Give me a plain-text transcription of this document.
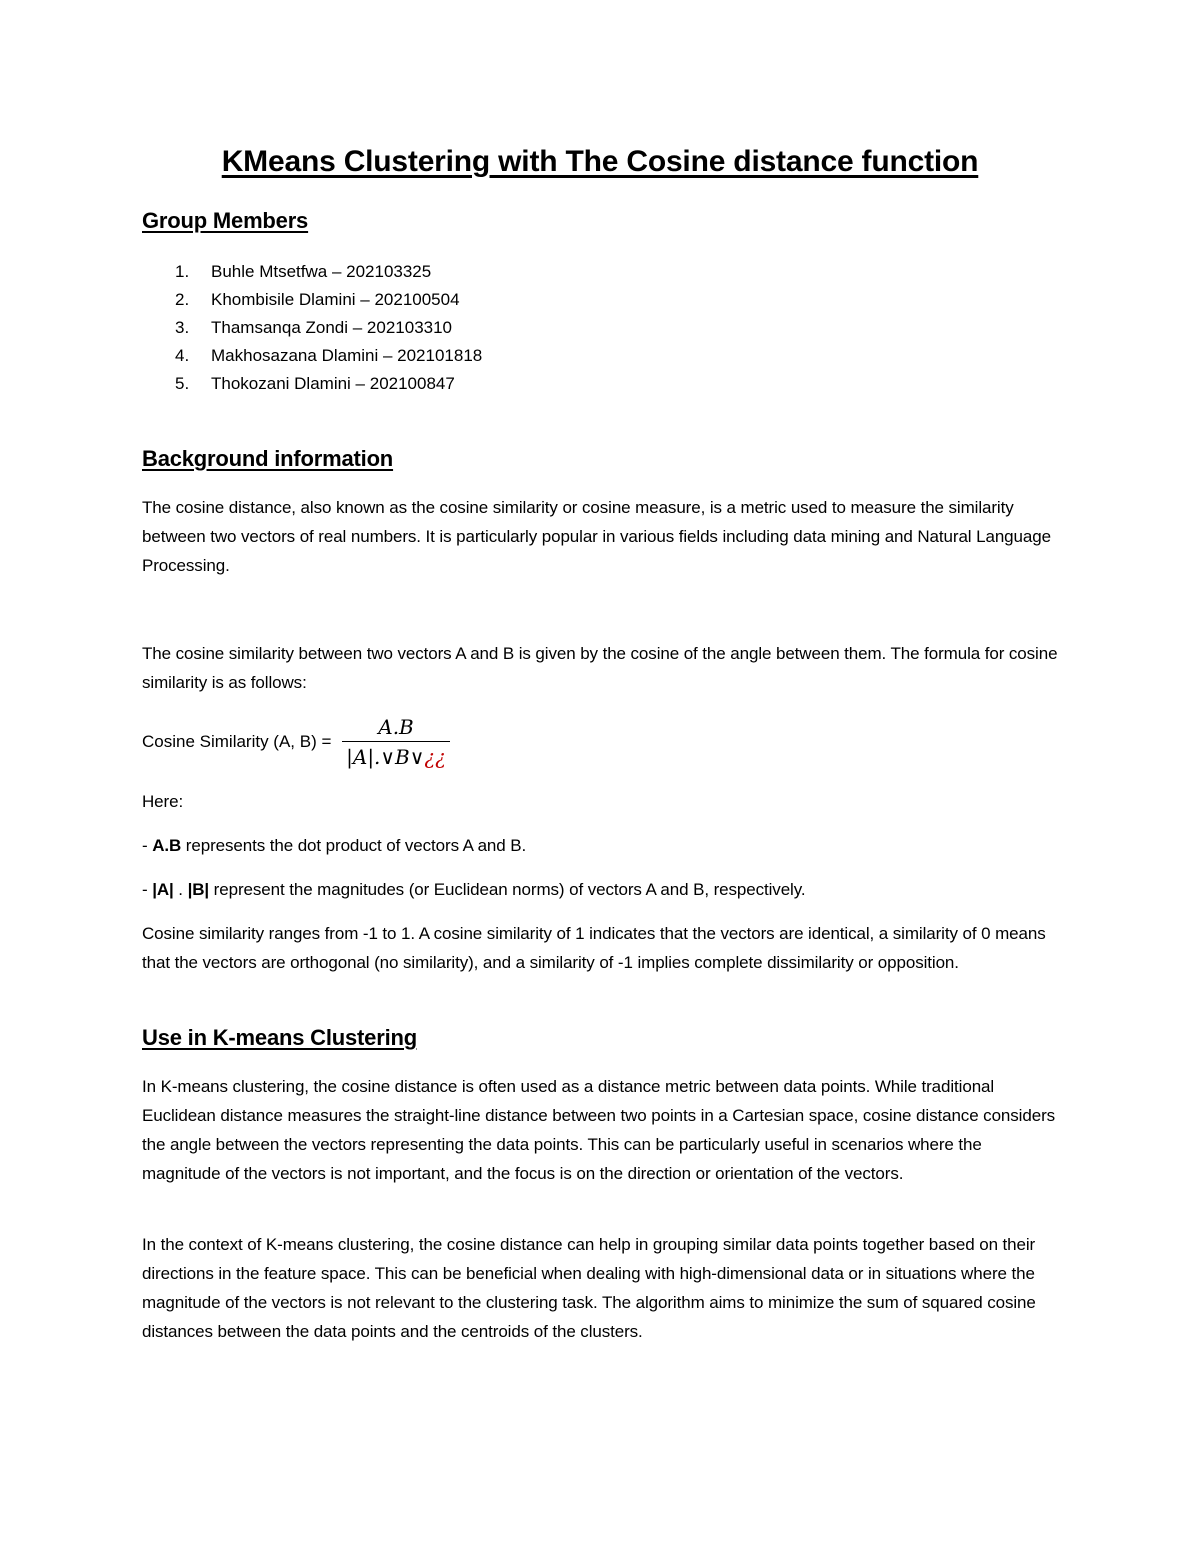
KMeans Clustering with The Cosine distance function
Group Members
1.	Buhle Mtsetfwa – 202103325
2.	Khombisile Dlamini – 202100504
3.	Thamsanqa Zondi – 202103310
4.	Makhosazana Dlamini – 202101818
5.	Thokozani Dlamini – 202100847
Background information

The cosine distance, also known as the cosine similarity or cosine measure, is a metric used to measure the similarity between two vectors of real numbers. It is particularly popular in various fields including data mining and Natural Language Processing.

The cosine similarity between two vectors A and B is given by the cosine of the angle between them. The formula for cosine similarity is as follows:

Cosine Similarity (A, $B) = \frac{A.B}{|A|.\vee B\vee¿¿}$

Here:

- A.B represents the dot product of vectors A and B.

- |A| . |B| represent the magnitudes (or Euclidean norms) of vectors A and B, respectively.

Cosine similarity ranges from -1 to 1. A cosine similarity of 1 indicates that the vectors are identical, a similarity of 0 means that the vectors are orthogonal (no similarity), and a similarity of -1 implies complete dissimilarity or opposition.

Use in K-means Clustering

In K-means clustering, the cosine distance is often used as a distance metric between data points. While traditional Euclidean distance measures the straight-line distance between two points in a Cartesian space, cosine distance considers the angle between the vectors representing the data points. This can be particularly useful in scenarios where the magnitude of the vectors is not important, and the focus is on the direction or orientation of the vectors.

In the context of K-means clustering, the cosine distance can help in grouping similar data points together based on their directions in the feature space. This can be beneficial when dealing with high-dimensional data or in situations where the magnitude of the vectors is not relevant to the clustering task. The algorithm aims to minimize the sum of squared cosine distances between the data points and the centroids of the clusters.
